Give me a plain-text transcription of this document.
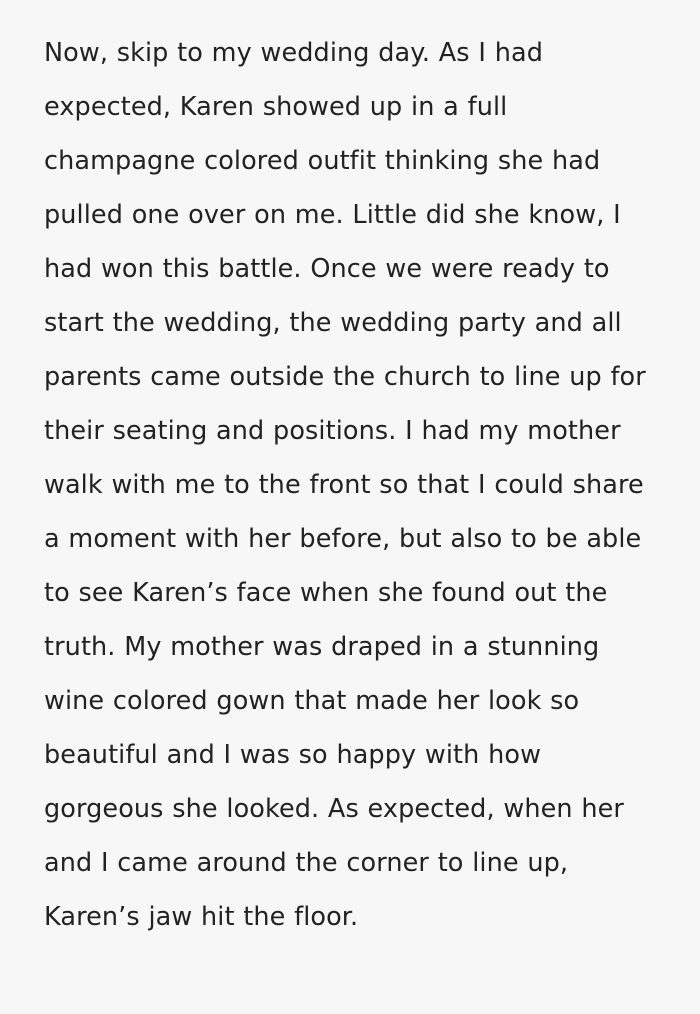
Now, skip to my wedding day. As I had expected, Karen showed up in a full champagne colored outfit thinking she had pulled one over on me. Little did she know, I had won this battle. Once we were ready to start the wedding, the wedding party and all parents came outside the church to line up for their seating and positions. I had my mother walk with me to the front so that I could share a moment with her before, but also to be able to see Karen’s face when she found out the truth. My mother was draped in a stunning wine colored gown that made her look so beautiful and I was so happy with how gorgeous she looked. As expected, when her and I came around the corner to line up, Karen’s jaw hit the floor.
